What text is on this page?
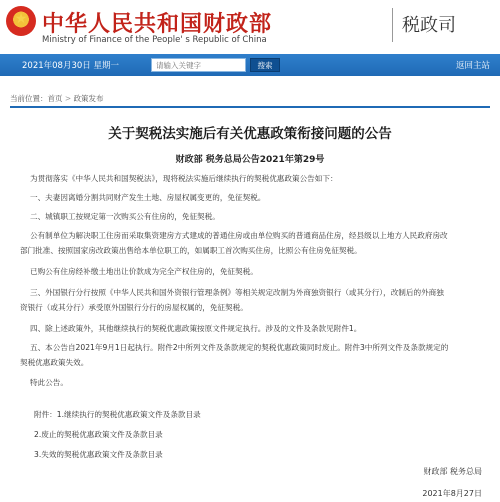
★
中华人民共和国财政部
Ministry of Finance of the People' s Republic of China
税政司
2021年08月30日 星期一
请输入关键字	搜索	返回主站
当前位置：首页 > 政策发布
关于契税法实施后有关优惠政策衔接问题的公告
财政部 税务总局公告2021年第29号
为贯彻落实《中华人民共和国契税法》，现将税法实施后继续执行的契税优惠政策公告如下：
一、夫妻因离婚分割共同财产发生土地、房屋权属变更的，免征契税。
二、城镇职工按规定第一次购买公有住房的，免征契税。
公有制单位为解决职工住房而采取集资建房方式建成的普通住房或由单位购买的普通商品住房，经县级以上地方人民政府房改
部门批准、按照国家房改政策出售给本单位职工的，如属职工首次购买住房，比照公有住房免征契税。
已购公有住房经补缴土地出让价款成为完全产权住房的，免征契税。
三、外国银行分行按照《中华人民共和国外资银行管理条例》等相关规定改制为外商独资银行（或其分行），改制后的外商独
资银行（或其分行）承受原外国银行分行的房屋权属的，免征契税。
四、除上述政策外，其他继续执行的契税优惠政策按原文件规定执行。涉及的文件及条款见附件1。
五、本公告自2021年9月1日起执行。附件2中所列文件及条款规定的契税优惠政策同时废止。附件3中所列文件及条款规定的
契税优惠政策失效。
特此公告。
附件：1.继续执行的契税优惠政策文件及条款目录
2.废止的契税优惠政策文件及条款目录
3.失效的契税优惠政策文件及条款目录
财政部 税务总局
2021年8月27日
